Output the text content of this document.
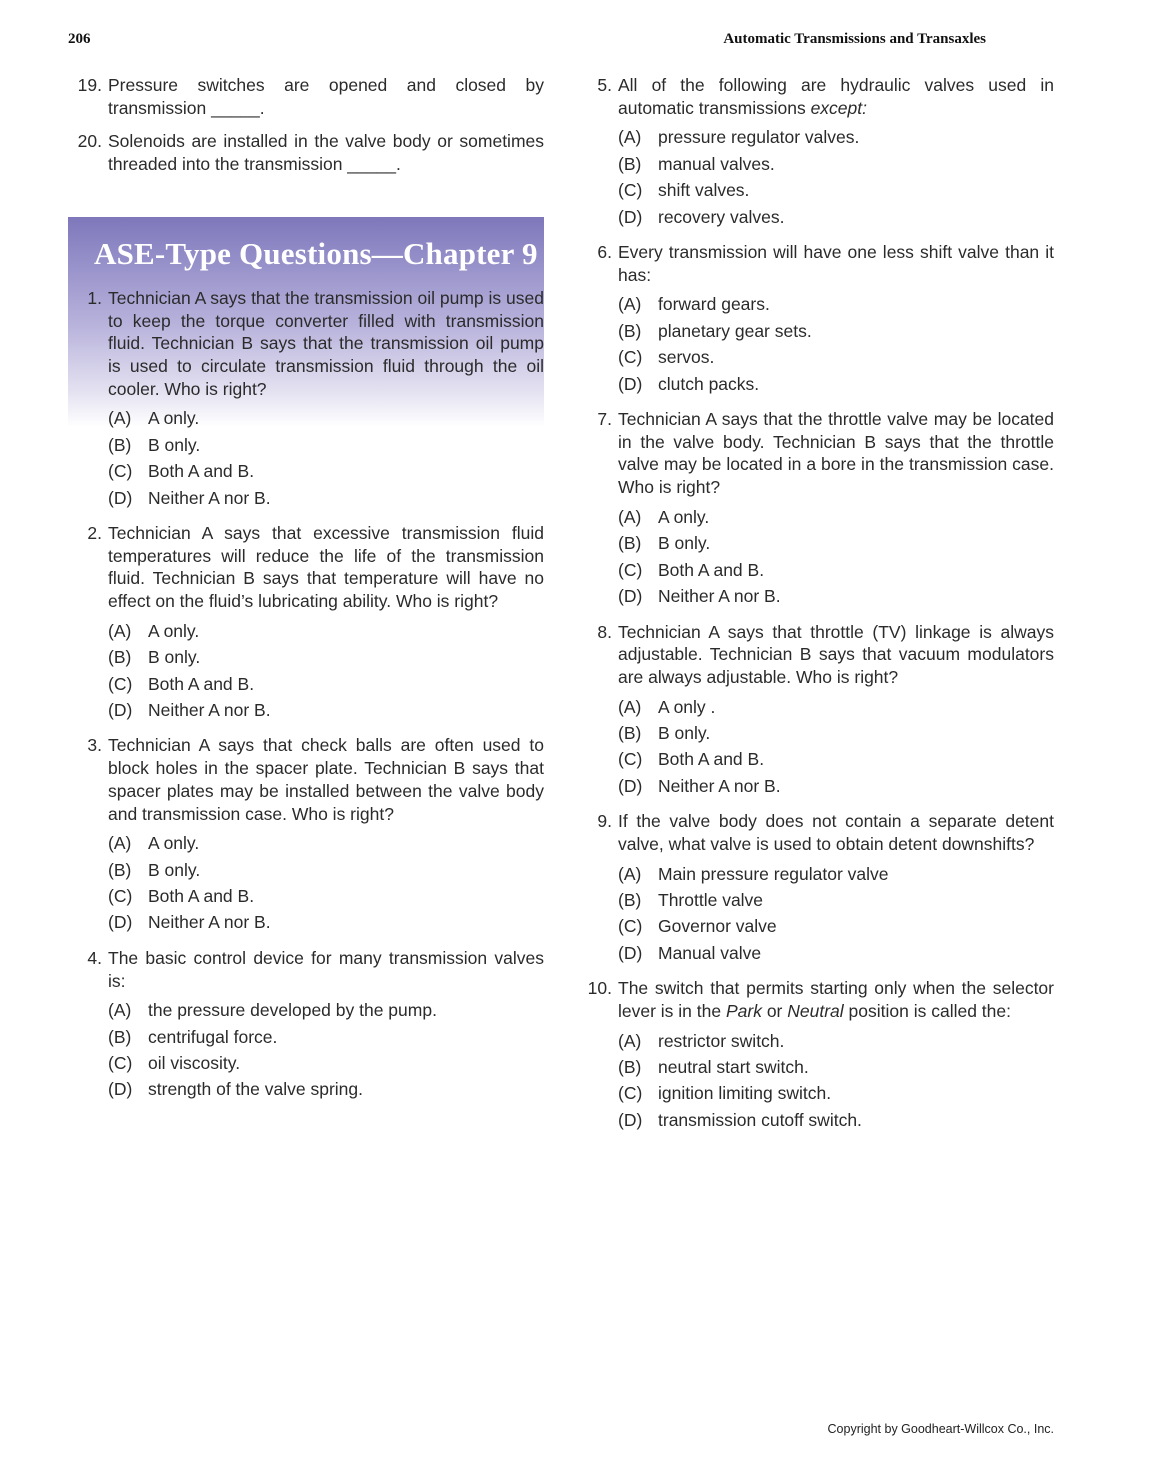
206	Automatic Transmissions and Transaxles
19. Pressure switches are opened and closed by transmission _____.
20. Solenoids are installed in the valve body or sometimes threaded into the transmission _____.
ASE-Type Questions—Chapter 9
1. Technician A says that the transmission oil pump is used to keep the torque converter filled with transmission fluid. Technician B says that the transmission oil pump is used to circulate transmission fluid through the oil cooler. Who is right?
(A) A only.
(B) B only.
(C) Both A and B.
(D) Neither A nor B.
2. Technician A says that excessive transmission fluid temperatures will reduce the life of the transmission fluid. Technician B says that temperature will have no effect on the fluid’s lubricating ability. Who is right?
(A) A only.
(B) B only.
(C) Both A and B.
(D) Neither A nor B.
3. Technician A says that check balls are often used to block holes in the spacer plate. Technician B says that spacer plates may be installed between the valve body and transmission case. Who is right?
(A) A only.
(B) B only.
(C) Both A and B.
(D) Neither A nor B.
4. The basic control device for many transmission valves is:
(A) the pressure developed by the pump.
(B) centrifugal force.
(C) oil viscosity.
(D) strength of the valve spring.
5. All of the following are hydraulic valves used in automatic transmissions except:
(A) pressure regulator valves.
(B) manual valves.
(C) shift valves.
(D) recovery valves.
6. Every transmission will have one less shift valve than it has:
(A) forward gears.
(B) planetary gear sets.
(C) servos.
(D) clutch packs.
7. Technician A says that the throttle valve may be located in the valve body. Technician B says that the throttle valve may be located in a bore in the transmission case. Who is right?
(A) A only.
(B) B only.
(C) Both A and B.
(D) Neither A nor B.
8. Technician A says that throttle (TV) linkage is always adjustable. Technician B says that vacuum modulators are always adjustable. Who is right?
(A) A only .
(B) B only.
(C) Both A and B.
(D) Neither A nor B.
9. If the valve body does not contain a separate detent valve, what valve is used to obtain detent downshifts?
(A) Main pressure regulator valve
(B) Throttle valve
(C) Governor valve
(D) Manual valve
10. The switch that permits starting only when the selector lever is in the Park or Neutral position is called the:
(A) restrictor switch.
(B) neutral start switch.
(C) ignition limiting switch.
(D) transmission cutoff switch.
Copyright by Goodheart-Willcox Co., Inc.
